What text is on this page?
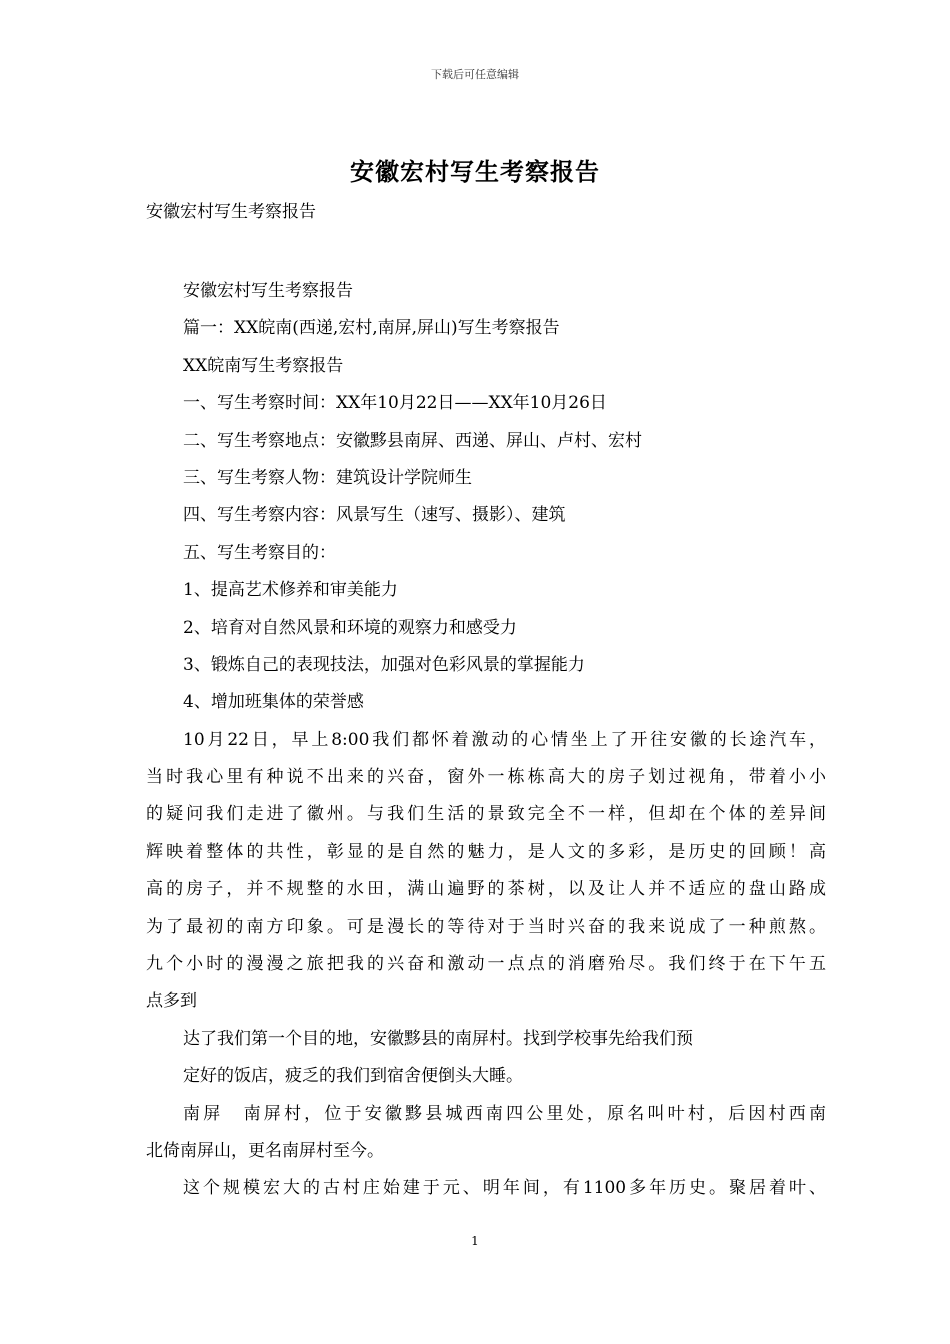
下载后可任意编辑
安徽宏村写生考察报告
安徽宏村写生考察报告
安徽宏村写生考察报告
篇一：XX皖南(西递,宏村,南屏,屏山)写生考察报告
XX皖南写生考察报告
一、写生考察时间：XX年10月22日——XX年10月26日
二、写生考察地点：安徽黟县南屏、西递、屏山、卢村、宏村
三、写生考察人物：建筑设计学院师生
四、写生考察内容：风景写生（速写、摄影）、建筑
五、写生考察目的：
1、提高艺术修养和审美能力
2、培育对自然风景和环境的观察力和感受力
3、锻炼自己的表现技法，加强对色彩风景的掌握能力
4、增加班集体的荣誉感
10月22日，早上8:00我们都怀着激动的心情坐上了开往安徽的长途汽车，
当时我心里有种说不出来的兴奋，窗外一栋栋高大的房子划过视角，带着小小
的疑问我们走进了徽州。与我们生活的景致完全不一样，但却在个体的差异间
辉映着整体的共性，彰显的是自然的魅力，是人文的多彩，是历史的回顾！高
高的房子，并不规整的水田，满山遍野的茶树，以及让人并不适应的盘山路成
为了最初的南方印象。可是漫长的等待对于当时兴奋的我来说成了一种煎熬。
九个小时的漫漫之旅把我的兴奋和激动一点点的消磨殆尽。我们终于在下午五
点多到
达了我们第一个目的地，安徽黟县的南屏村。找到学校事先给我们预
定好的饭店，疲乏的我们到宿舍便倒头大睡。
南屏　南屏村，位于安徽黟县城西南四公里处，原名叫叶村，后因村西南
北倚南屏山，更名南屏村至今。
这个规模宏大的古村庄始建于元、明年间，有1100多年历史。聚居着叶、
1
